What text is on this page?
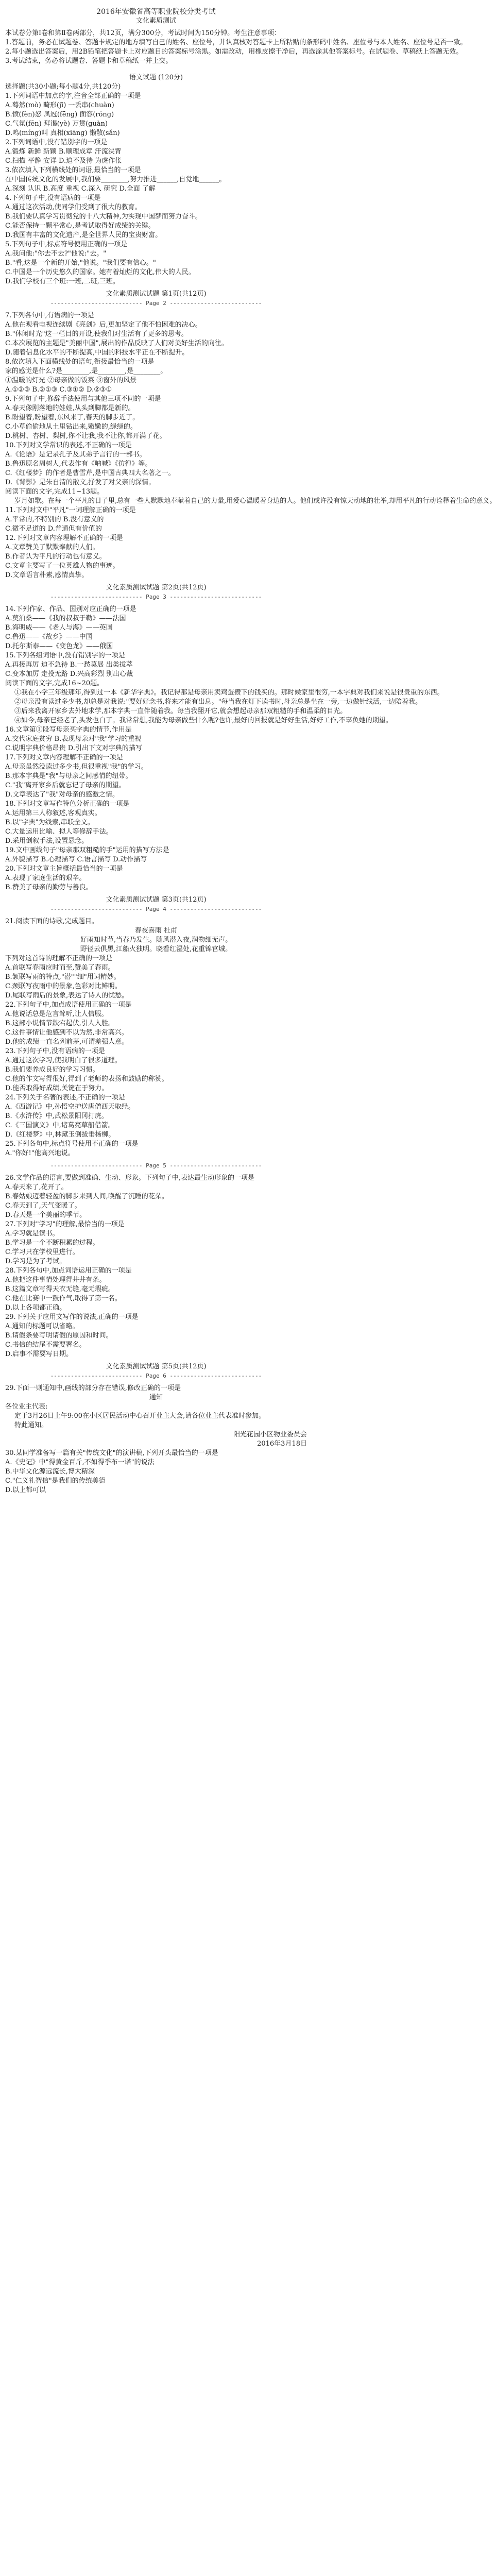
2016年安徽省高等职业院校分类考试

文化素质测试

本试卷分第Ⅰ卷和第Ⅱ卷两部分，共12页，满分300分，考试时间为150分钟。考生注意事项：

1.答题前，务必在试题卷、答题卡规定的地方填写自己的姓名、座位号，并认真核对答题卡上所粘贴的条形码中姓名、座位号与本人姓名、座位号是否一致。

2.每小题选出答案后，用2B铅笔把答题卡上对应题目的答案标号涂黑。如需改动，用橡皮擦干净后，再选涂其他答案标号。在试题卷、草稿纸上答题无效。

3.考试结束，务必将试题卷、答题卡和草稿纸一并上交。

语文试题 (120分)

选择题(共30小题;每小题4分,共120分)

1.下列词语中加点的字,注音全部正确的一项是

A.蓦然(mò) 畸形(jī) 一丢串(chuàn)

B.愤(fèn)怒 凤冠(fēng) 面容(róng)

C.气氛(fēn) 拜谒(yè) 万贯(guàn)

D.鸣(míng)叫 真相(xiāng) 懒散(sǎn)

2.下列词语中,没有错别字的一项是

A.锻炼 新鲜 新颖 B.顺理成章 汗流浃背

C.扫描 平静 安详 D.迫不及待 为虎作伥

3.依次填入下列横线处的词语,最恰当的一项是

在中国传统文化的发展中,我们要________,努力推进______,自觉地______。

A.深刻 认识 B.高度 重视 C.深入 研究 D.全面 了解

4.下列句子中,没有语病的一项是

A.通过这次活动,使同学们受到了很大的教育。

B.我们要认真学习贯彻党的十八大精神,为实现中国梦而努力奋斗。

C.能否保持一颗平常心,是考试取得好成绩的关键。

D.我国有丰富的文化遗产,是全世界人民的宝贵财富。

5.下列句子中,标点符号使用正确的一项是

A.我问他:"你去不去?"他说:"去。"

B."看,这是一个新的开始,"他说。"我们要有信心。"

C.中国是一个历史悠久的国家。她有着灿烂的文化,伟大的人民。

D.我们学校有三个班:一班,二班,三班。

文化素质测试试题 第1页(共12页)

--------------------------- Page 2 ---------------------------

7.下列各句中,有语病的一项是

A.他在观看电视连续剧《亮剑》后,更加坚定了他不怕困难的决心。

B."休闲时光"这一栏目的开设,使我们对生活有了更多的思考。

C.本次展览的主题是"美丽中国",展出的作品反映了人们对美好生活的向往。

D.随着信息化水平的不断提高,中国的科技水平正在不断提升。

8.依次填入下面横线处的语句,衔接最恰当的一项是

家的感觉是什么?是________,是________,是________。

①温暖的灯光 ②母亲做的饭菜 ③窗外的风景

A.①②③ B.②①③ C.③①② D.②③①

9.下列句子中,修辞手法使用与其他三项不同的一项是

A.春天像刚落地的娃娃,从头到脚都是新的。

B.盼望着,盼望着,东风来了,春天的脚步近了。

C.小草偷偷地从土里钻出来,嫩嫩的,绿绿的。

D.桃树、杏树、梨树,你不让我,我不让你,都开满了花。

10.下列对文学常识的表述,不正确的一项是

A.《论语》是记录孔子及其弟子言行的一部书。

B.鲁迅原名周树人,代表作有《呐喊》《彷徨》等。

C.《红楼梦》的作者是曹雪芹,是中国古典四大名著之一。

D.《背影》是朱自清的散文,抒发了对父亲的深情。

阅读下面的文字,完成11~13题。

岁月如歌。在每一个平凡的日子里,总有一些人默默地奉献着自己的力量,用爱心温暖着身边的人。他们或许没有惊天动地的壮举,却用平凡的行动诠释着生命的意义。

11.下列对文中"平凡"一词理解正确的一项是

A.平常的,不特别的 B.没有意义的

C.微不足道的 D.普通但有价值的

12.下列对文章内容理解不正确的一项是

A.文章赞美了默默奉献的人们。

B.作者认为平凡的行动也有意义。

C.文章主要写了一位英雄人物的事迹。

D.文章语言朴素,感情真挚。

文化素质测试试题 第2页(共12页)

--------------------------- Page 3 ---------------------------

14.下列作家、作品、国别对应正确的一项是

A.莫泊桑——《我的叔叔于勒》——法国

B.海明威——《老人与海》——英国

C.鲁迅——《故乡》——中国

D.托尔斯泰——《变色龙》——俄国

15.下列各组词语中,没有错别字的一项是

A.再接再厉 迫不急待 B.一愁莫展 出类拔萃

C.变本加厉 走投无路 D.兴高彩烈 别出心裁

阅读下面的文字,完成16~20题。

①我在小学三年级那年,得到过一本《新华字典》。我记得那是母亲用卖鸡蛋攒下的钱买的。那时候家里很穷,一本字典对我们来说是很贵重的东西。

②母亲没有读过多少书,却总是对我说:"要好好念书,将来才能有出息。"每当我在灯下读书时,母亲总是坐在一旁,一边做针线活,一边陪着我。

③后来我离开家乡去外地求学,那本字典一直伴随着我。每当我翻开它,就会想起母亲那双粗糙的手和温柔的目光。

④如今,母亲已经老了,头发也白了。我常常想,我能为母亲做些什么呢?也许,最好的回报就是好好生活,好好工作,不辜负她的期望。

16.文章第①段写母亲买字典的情节,作用是

A.交代家庭贫穷 B.表现母亲对"我"学习的重视

C.说明字典价格昂贵 D.引出下文对字典的描写

17.下列对文章内容理解不正确的一项是

A.母亲虽然没读过多少书,但很重视"我"的学习。

B.那本字典是"我"与母亲之间感情的纽带。

C."我"离开家乡后就忘记了母亲的期望。

D.文章表达了"我"对母亲的感激之情。

18.下列对文章写作特色分析正确的一项是

A.运用第三人称叙述,客观真实。

B.以"字典"为线索,串联全文。

C.大量运用比喻、拟人等修辞手法。

D.采用倒叙手法,设置悬念。

19.文中画线句子"母亲那双粗糙的手"运用的描写方法是

A.外貌描写 B.心理描写 C.语言描写 D.动作描写

20.下列对文章主旨概括最恰当的一项是

A.表现了家庭生活的艰辛。

B.赞美了母亲的勤劳与善良。

文化素质测试试题 第3页(共12页)

--------------------------- Page 4 ---------------------------

21.阅读下面的诗歌,完成题目。

春夜喜雨 杜甫

好雨知时节,当春乃发生。随风潜入夜,润物细无声。

野径云俱黑,江船火独明。晓看红湿处,花重锦官城。

下列对这首诗的理解不正确的一项是

A.首联写春雨应时而至,赞美了春雨。

B.颔联写雨的特点,"潜""细"用词精妙。

C.颈联写夜雨中的景象,色彩对比鲜明。

D.尾联写雨后的景象,表达了诗人的忧愁。

22.下列句子中,加点成语使用正确的一项是

A.他说话总是危言耸听,让人信服。

B.这部小说情节跌宕起伏,引人入胜。

C.这件事情让他感到不以为然,非常高兴。

D.他的成绩一直名列前茅,可谓差强人意。

23.下列句子中,没有语病的一项是

A.通过这次学习,使我明白了很多道理。

B.我们要养成良好的学习习惯。

C.他的作文写得很好,得到了老师的表扬和鼓励的称赞。

D.能否取得好成绩,关键在于努力。

24.下列关于名著的表述,不正确的一项是

A.《西游记》中,孙悟空护送唐僧西天取经。

B.《水浒传》中,武松景阳冈打虎。

C.《三国演义》中,诸葛亮草船借箭。

D.《红楼梦》中,林黛玉倒拔垂杨柳。

25.下列各句中,标点符号使用不正确的一项是

A."你好!"他高兴地说。

--------------------------- Page 5 ---------------------------

26.文学作品的语言,要做到准确、生动、形象。下列句子中,表达最生动形象的一项是

A.春天来了,花开了。

B.春姑娘迈着轻盈的脚步来到人间,唤醒了沉睡的花朵。

C.春天到了,天气变暖了。

D.春天是一个美丽的季节。

27.下列对"学习"的理解,最恰当的一项是

A.学习就是读书。

B.学习是一个不断积累的过程。

C.学习只在学校里进行。

D.学习是为了考试。

28.下列各句中,加点词语运用正确的一项是

A.他把这件事情处理得井井有条。

B.这篇文章写得天衣无缝,毫无瑕疵。

C.他在比赛中一鼓作气,取得了第一名。

D.以上各项都正确。

29.下列关于应用文写作的说法,正确的一项是

A.通知的标题可以省略。

B.请假条要写明请假的原因和时间。

C.书信的结尾不需要署名。

D.启事不需要写日期。

文化素质测试试题 第5页(共12页)

--------------------------- Page 6 ---------------------------

29.下面一则通知中,画线的部分存在错误,修改正确的一项是

通知

各位业主代表:

定于3月26日上午9:00在小区居民活动中心召开业主大会,请各位业主代表准时参加。

特此通知。

阳光花园小区物业委员会

2016年3月18日

30.某同学准备写一篇有关"传统文化"的演讲稿,下列开头最恰当的一项是

A.《史记》中"得黄金百斤,不如得季布一诺"的说法

B.中华文化源远流长,博大精深

C."仁义礼智信"是我们的传统美德

D.以上都可以
